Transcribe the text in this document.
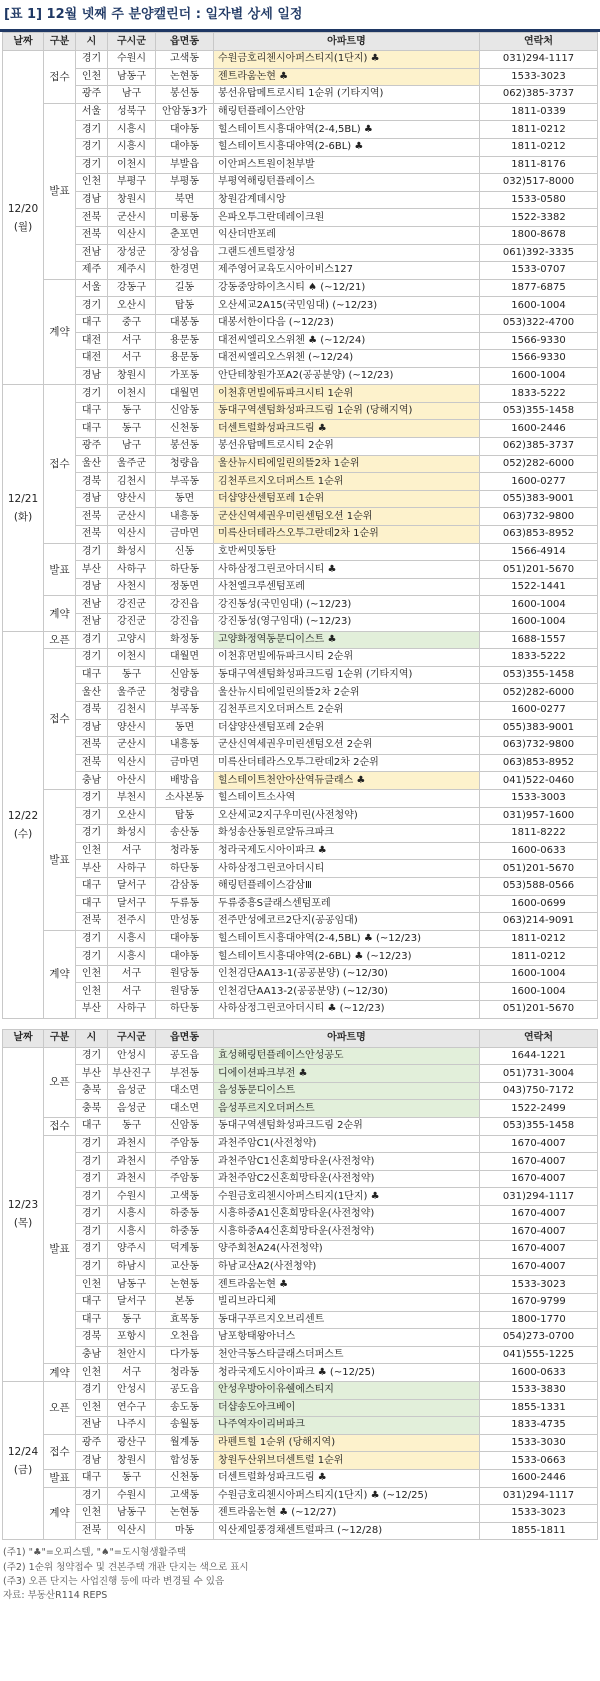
[표 1] 12월 넷째 주 분양캘린더 : 일자별 상세 일정
날짜	구분	시	구시군	읍면동	아파트명	연락처

12/20
(월)	접수	경기	수원시	고색동	수원금호리첸시아퍼스티지(1단지) ♣	031)294-1117
		인천	남동구	논현동	젠트라움논현 ♣	1533-3023
		광주	남구	봉선동	봉선유탑메트로시티 1순위 (기타지역)	062)385-3737
	발표	서울	성북구	안암동3가	해링턴플레이스안암	1811-0339
		경기	시흥시	대야동	힐스테이트시흥대야역(2-4,5BL) ♣	1811-0212
		경기	시흥시	대야동	힐스테이트시흥대야역(2-6BL) ♣	1811-0212
		경기	이천시	부발읍	이안퍼스트원이천부발	1811-8176
		인천	부평구	부평동	부평역해링턴플레이스	032)517-8000
		경남	창원시	북면	창원감계데시앙	1533-0580
		전북	군산시	미룡동	은파오투그란데레이크원	1522-3382
		전북	익산시	춘포면	익산더반포레	1800-8678
		전남	장성군	장성읍	그랜드센트럴장성	061)392-3335
		제주	제주시	한경면	제주영어교육도시아이비스127	1533-0707
	계약	서울	강동구	길동	강동중앙하이츠시티 ♠ (~12/21)	1877-6875
		경기	오산시	탑동	오산세교2A15(국민임대) (~12/23)	1600-1004
		대구	중구	대봉동	대봉서한이다음 (~12/23)	053)322-4700
		대전	서구	용문동	대전씨엘리오스위첸 ♣ (~12/24)	1566-9330
		대전	서구	용문동	대전씨엘리오스위첸 (~12/24)	1566-9330
		경남	창원시	가포동	안단테창원가포A2(공공분양) (~12/23)	1600-1004

12/21
(화)	접수	경기	이천시	대월면	이천휴먼빌에듀파크시티 1순위	1833-5222
		대구	동구	신암동	동대구역센텀화성파크드림 1순위 (당해지역)	053)355-1458
		대구	동구	신천동	더센트럴화성파크드림 ♣	1600-2446
		광주	남구	봉선동	봉선유탑메트로시티 2순위	062)385-3737
		울산	울주군	청량읍	울산뉴시티에일린의뜰2차 1순위	052)282-6000
		경북	김천시	부곡동	김천푸르지오더퍼스트 1순위	1600-0277
		경남	양산시	동면	더샵양산센텀포레 1순위	055)383-9001
		전북	군산시	내흥동	군산신역세권우미린센텀오션 1순위	063)732-9800
		전북	익산시	금마면	미륵산더테라스오투그란데2차 1순위	063)853-8952
	발표	경기	화성시	신동	호반써밋동탄	1566-4914
		부산	사하구	하단동	사하삼정그린코아더시티 ♣	051)201-5670
		경남	사천시	정동면	사천엘크루센텀포레	1522-1441
	계약	전남	강진군	강진읍	강진동성(국민임대) (~12/23)	1600-1004
		전남	강진군	강진읍	강진동성(영구임대) (~12/23)	1600-1004

12/22
(수)	오픈	경기	고양시	화정동	고양화정역동문디이스트 ♣	1688-1557
	접수	경기	이천시	대월면	이천휴먼빌에듀파크시티 2순위	1833-5222
		대구	동구	신암동	동대구역센텀화성파크드림 1순위 (기타지역)	053)355-1458
		울산	울주군	청량읍	울산뉴시티에일린의뜰2차 2순위	052)282-6000
		경북	김천시	부곡동	김천푸르지오더퍼스트 2순위	1600-0277
		경남	양산시	동면	더샵양산센텀포레 2순위	055)383-9001
		전북	군산시	내흥동	군산신역세권우미린센텀오션 2순위	063)732-9800
		전북	익산시	금마면	미륵산더테라스오투그란데2차 2순위	063)853-8952
		충남	아산시	배방읍	힐스테이트천안아산역듀클래스 ♣	041)522-0460
	발표	경기	부천시	소사본동	힐스테이트소사역	1533-3003
		경기	오산시	탑동	오산세교2지구우미린(사전청약)	031)957-1600
		경기	화성시	송산동	화성송산동원로얄듀크파크	1811-8222
		인천	서구	청라동	청라국제도시아이파크 ♣	1600-0633
		부산	사하구	하단동	사하삼정그린코아더시티	051)201-5670
		대구	달서구	감삼동	해링턴플레이스감삼Ⅲ	053)588-0566
		대구	달서구	두류동	두류중흥S클래스센텀포레	1600-0699
		전북	전주시	만성동	전주만성에코르2단지(공공임대)	063)214-9091
	계약	경기	시흥시	대야동	힐스테이트시흥대야역(2-4,5BL) ♣ (~12/23)	1811-0212
		경기	시흥시	대야동	힐스테이트시흥대야역(2-6BL) ♣ (~12/23)	1811-0212
		인천	서구	원당동	인천검단AA13-1(공공분양) (~12/30)	1600-1004
		인천	서구	원당동	인천검단AA13-2(공공분양) (~12/30)	1600-1004
		부산	사하구	하단동	사하삼정그린코아더시티 ♣ (~12/23)	051)201-5670
날짜	구분	시	구시군	읍면동	아파트명	연락처

12/23
(목)	오픈	경기	안성시	공도읍	효성해링턴플레이스안성공도	1644-1221
		부산	부산진구	부전동	디에이션파크부전 ♣	051)731-3004
		충북	음성군	대소면	음성동문디이스트	043)750-7172
		충북	음성군	대소면	음성푸르지오더퍼스트	1522-2499
	접수	대구	동구	신암동	동대구역센텀화성파크드림 2순위	053)355-1458
	발표	경기	과천시	주암동	과천주암C1(사전청약)	1670-4007
		경기	과천시	주암동	과천주암C1신혼희망타운(사전청약)	1670-4007
		경기	과천시	주암동	과천주암C2신혼희망타운(사전청약)	1670-4007
		경기	수원시	고색동	수원금호리첸시아퍼스티지(1단지) ♣	031)294-1117
		경기	시흥시	하중동	시흥하중A1신혼희망타운(사전청약)	1670-4007
		경기	시흥시	하중동	시흥하중A4신혼희망타운(사전청약)	1670-4007
		경기	양주시	덕계동	양주회천A24(사전청약)	1670-4007
		경기	하남시	교산동	하남교산A2(사전청약)	1670-4007
		인천	남동구	논현동	젠트라움논현 ♣	1533-3023
		대구	달서구	본동	빌리브라디체	1670-9799
		대구	동구	효목동	동대구푸르지오브리센트	1800-1770
		경북	포항시	오천읍	남포항태왕아너스	054)273-0700
		충남	천안시	다가동	천안극동스타클래스더퍼스트	041)555-1225
	계약	인천	서구	청라동	청라국제도시아이파크 ♣ (~12/25)	1600-0633

12/24
(금)	오픈	경기	안성시	공도읍	안성우방아이유쉘에스티지	1533-3830
		인천	연수구	송도동	더샵송도아크베이	1855-1331
		전남	나주시	송월동	나주역자이리버파크	1833-4735
	접수	광주	광산구	월계동	라펜트힐 1순위 (당해지역)	1533-3030
		경남	창원시	합성동	창원두산위브더센트럴 1순위	1533-0663
	발표	대구	동구	신천동	더센트럴화성파크드림 ♣	1600-2446
	계약	경기	수원시	고색동	수원금호리첸시아퍼스티지(1단지) ♣ (~12/25)	031)294-1117
		인천	남동구	논현동	젠트라움논현 ♣ (~12/27)	1533-3023
		전북	익산시	마동	익산제일풍경채센트럴파크 (~12/28)	1855-1811
(주1) "♣"=오피스텔, "♠"=도시형생활주택
(주2) 1순위 청약접수 및 견본주택 개관 단지는 색으로 표시
(주3) 오픈 단지는 사업진행 등에 따라 변경될 수 있음
자료: 부동산R114 REPS
